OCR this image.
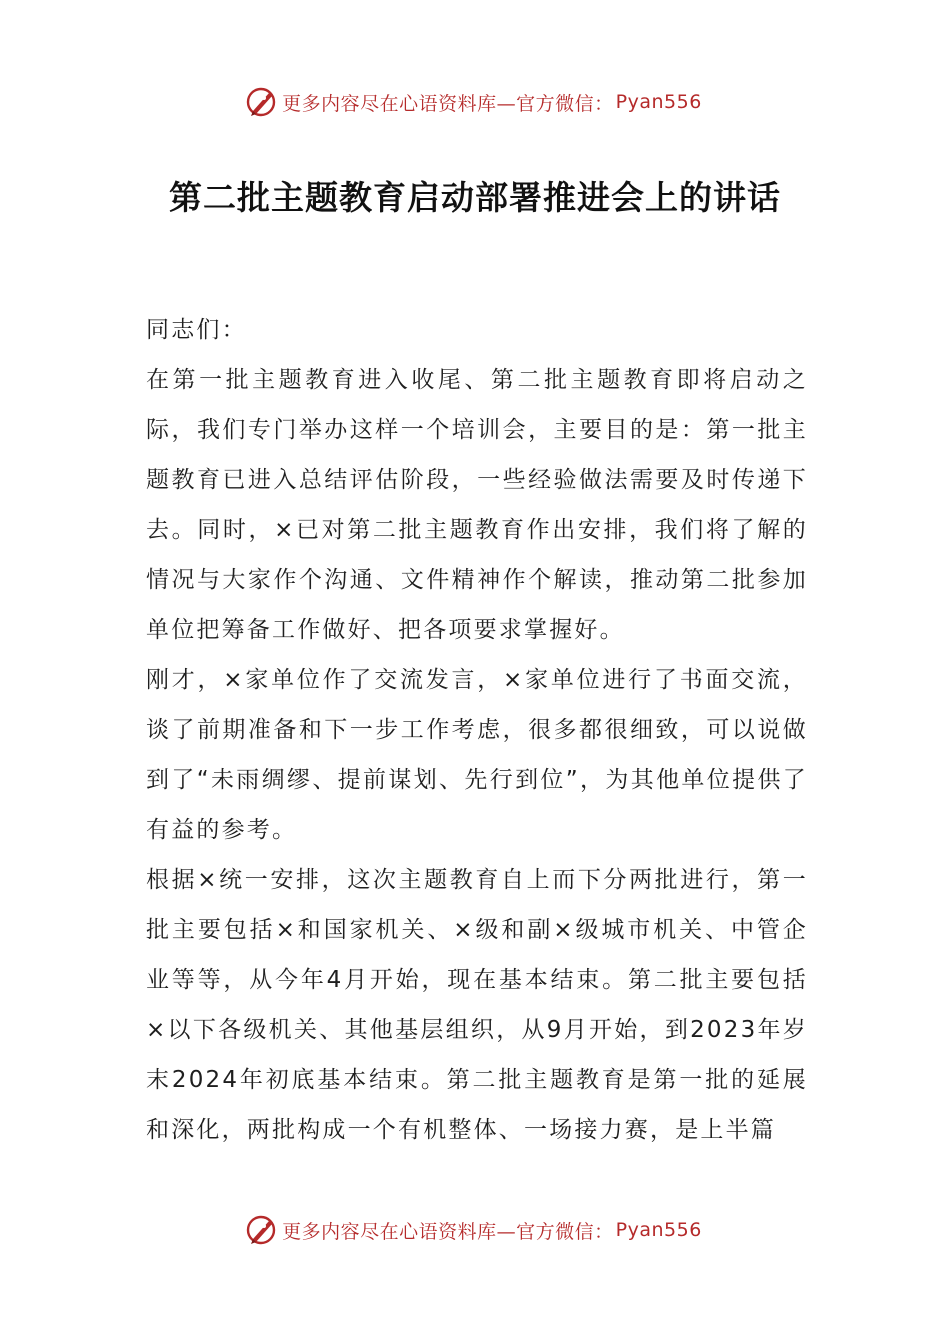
更多内容尽在心语资料库—官方微信： Pyan556
第二批主题教育启动部署推进会上的讲话

同志们：

在第一批主题教育进入收尾、第二批主题教育即将启动之际，我们专门举办这样一个培训会，主要目的是：第一批主题教育已进入总结评估阶段，一些经验做法需要及时传递下去。同时，×已对第二批主题教育作出安排，我们将了解的情况与大家作个沟通、文件精神作个解读，推动第二批参加单位把筹备工作做好、把各项要求掌握好。

刚才，×家单位作了交流发言，×家单位进行了书面交流，谈了前期准备和下一步工作考虑，很多都很细致，可以说做到了“未雨绸缪、提前谋划、先行到位”，为其他单位提供了有益的参考。

根据×统一安排，这次主题教育自上而下分两批进行，第一批主要包括×和国家机关、×级和副×级城市机关、中管企业等等，从今年4月开始，现在基本结束。第二批主要包括×以下各级机关、其他基层组织，从9月开始，到2023年岁末2024年初底基本结束。第二批主题教育是第一批的延展和深化，两批构成一个有机整体、一场接力赛，是上半篇

更多内容尽在心语资料库—官方微信： Pyan556
